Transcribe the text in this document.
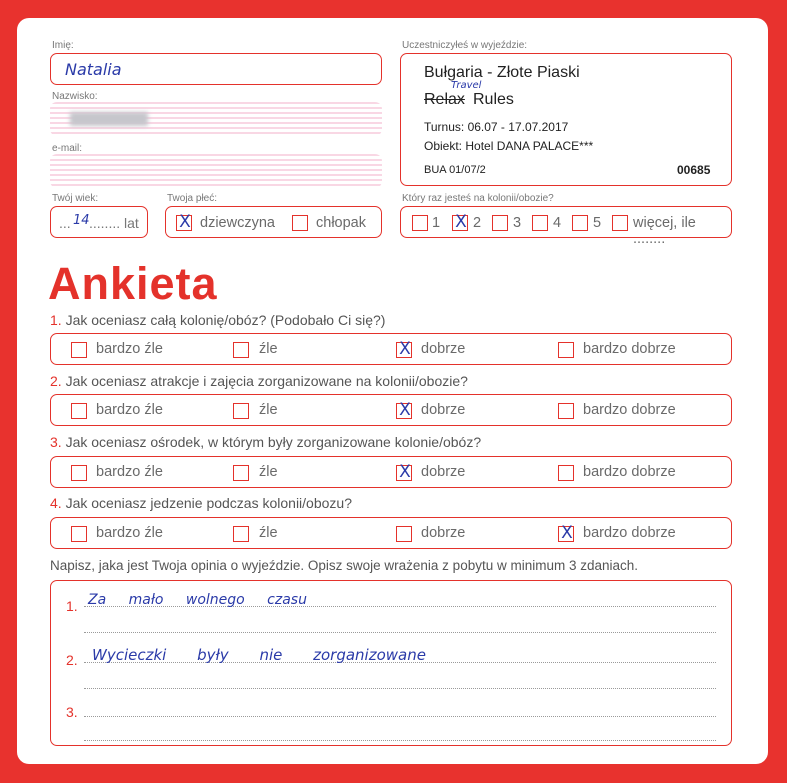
Imię:
Natalia
Nazwisko:
e-mail:
Twój wiek:
... 14 ........ lat
Twoja płeć:
X dziewczyna	chłopak
Uczestniczyłeś w wyjeździe:
Bułgaria - Złote Piaski
Travel
Relax Rules
Turnus: 06.07 - 17.07.2017
Obiekt: Hotel DANA PALACE***
BUA 01/07/2	00685
Który raz jesteś na kolonii/obozie?
1 X 2 3 4 5 więcej, ile ........
Ankieta
1. Jak oceniasz całą kolonię/obóz? (Podobało Ci się?)
bardzo źle	źle	X dobrze	bardzo dobrze
2. Jak oceniasz atrakcje i zajęcia zorganizowane na kolonii/obozie?
bardzo źle	źle	X dobrze	bardzo dobrze
3. Jak oceniasz ośrodek, w którym były zorganizowane kolonie/obóz?
bardzo źle	źle	X dobrze	bardzo dobrze
4. Jak oceniasz jedzenie podczas kolonii/obozu?
bardzo źle	źle	dobrze	X bardzo dobrze
Napisz, jaka jest Twoja opinia o wyjeździe. Opisz swoje wrażenia z pobytu w minimum 3 zdaniach.
1. Za mało wolnego czasu
2. Wycieczki były nie zorganizowane
3.
